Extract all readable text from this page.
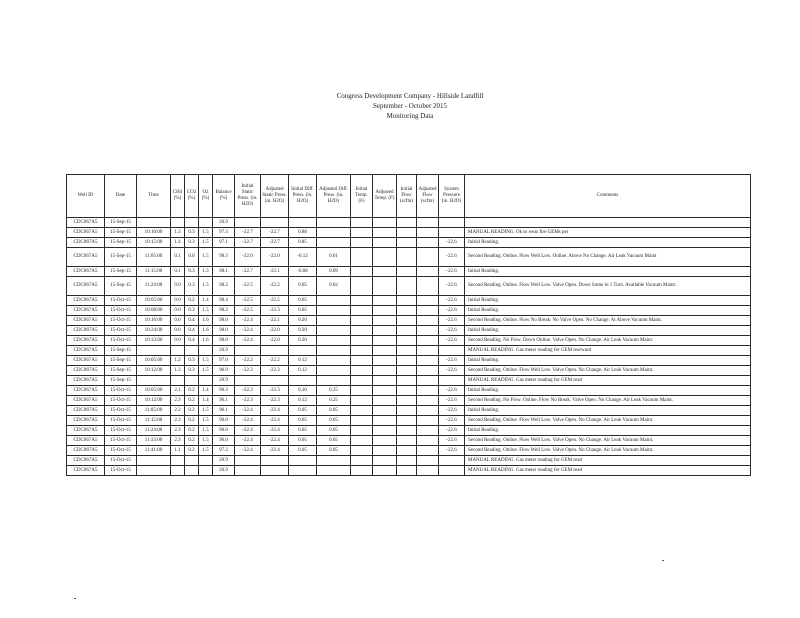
Congress Development Company - Hillside Landfill
September - October 2015
Monitoring Data
Well ID	Date	Time	CH4 (%)	CO2 (%)	O2 (%)	Balance (%)	Initial Static Press. (in. H2O)	Adjusted Static Press. (in. H2O)	Initial Diff. Press. (in. H2O)	Adjusted Diff. Press. (in. H2O)	Initial Temp. (F)	Adjusted Temp. (F)	Initial Flow (scfm)	Adjusted Flow (scfm)	System Pressure (in. H2O)	Comments
CDC067A5	15-Sep-15					20.9										
CDC067A5	15-Sep-15	10:10:00	1.3	0.3	1.5	97.3	-22.7	-22.7	0.88							MANUAL READING. Ok to wear fire GEMs per
CDC067A5	15-Sep-15	10:15:00	1.4	0.3	1.5	97.1	-22.7	-22.7	0.85						-22.6	Initial Reading.
CDC067A5	15-Sep-15	11:05:00	0.1	0.0	1.5	98.3	-22.0	-22.0	-0.12	0.01					-22.6	Second Reading. Online. Flow Well Low. Online. Above No Change. Air Leak Vacuum Maint
CDC067A5	15-Sep-15	11:15:00	0.1	0.3	1.5	98.1	-22.7	-22.1	-0.08	0.09					-22.6	Initial Reading.
CDC067A5	15-Sep-15	11:24:00	0.0	0.3	1.5	98.2	-22.5	-22.2	0.05	0.02					-22.6	Second Reading. Online. Flow Well Low. Valve Open. Down Some in 1 Turn. Available Vacuum Maint.
CDC067A5	15-Oct-15	10:05:00	0.0	0.2	1.4	98.4	-22.5	-22.5	0.05						-22.6	Initial Reading.
CDC067A5	15-Oct-15	10:08:00	0.0	0.3	1.5	98.2	-22.5	-22.3	0.05						-22.6	Initial Reading.
CDC067A5	15-Oct-15	10:16:00	0.0	0.4	1.6	98.0	-22.4	-22.1	0.20						-22.6	Second Reading. Online. Flow No Break. No Valve Open. No Change. At Above Vacuum Maint.
CDC067A5	15-Oct-15	10:24:00	0.0	0.4	1.6	98.0	-22.4	-22.0	0.20						-22.6	Initial Reading.
CDC067A5	15-Oct-15	10:33:00	0.0	0.4	1.6	98.0	-22.4	-22.0	0.20						-22.6	Second Reading. No Flow. Down Online. Valve Open. No Change. Air Leak Vacuum Maint.
CDC067A5	15-Sep-15					20.9										MANUAL READING. Gas meter reading for GEM rearward
CDC067A5	15-Sep-15	10:05:00	1.2	0.3	1.5	97.0	-22.2	-22.2	0.12						-22.6	Initial Reading.
CDC067A5	15-Sep-15	10:12:00	1.3	0.3	1.5	96.9	-22.3	-22.3	0.12						-22.6	Second Reading. Online. Flow Well Low. Valve Open. No Change. Air Leak Vacuum Maint.
CDC067A5	15-Sep-15					20.9										MANUAL READING. Gas meter reading for GEM read
CDC067A5	15-Oct-15	10:05:00	2.1	0.2	1.4	96.3	-22.3	-22.3	0.10	0.25					-22.6	Initial Reading.
CDC067A5	15-Oct-15	10:12:00	2.3	0.2	1.4	96.1	-22.3	-22.3	0.12	0.25					-22.6	Second Reading. No Flow. Online. Flow No Break. Valve Open. No Change. Air Leak Vacuum Maint.
CDC067A5	15-Oct-15	11:05:00	2.2	0.2	1.5	96.1	-22.4	-22.4	0.05	0.05					-22.6	Initial Reading.
CDC067A5	15-Oct-15	11:15:00	2.3	0.2	1.5	96.0	-22.4	-22.4	0.05	0.05					-22.6	Second Reading. Online. Flow Well Low. Valve Open. No Change. Air Leak Vacuum Maint.
CDC067A5	15-Oct-15	11:24:00	2.3	0.2	1.5	96.0	-22.4	-22.4	0.05	0.05					-22.6	Initial Reading.
CDC067A5	15-Oct-15	11:33:00	2.3	0.2	1.5	96.0	-22.4	-22.4	0.05	0.05					-22.6	Second Reading. Online. Flow Well Low. Valve Open. No Change. Air Leak Vacuum Maint.
CDC067A5	15-Oct-15	11:41:00	1.1	0.2	1.5	97.2	-22.4	-22.4	0.05	0.05					-22.6	Second Reading. Online. Flow Well Low. Valve Open. No Change. Air Leak Vacuum Maint.
CDC067A5	15-Oct-15					20.9										MANUAL READING. Gas meter reading for GEM read
CDC067A5	15-Oct-15					20.9										MANUAL READING. Gas meter reading for GEM read
